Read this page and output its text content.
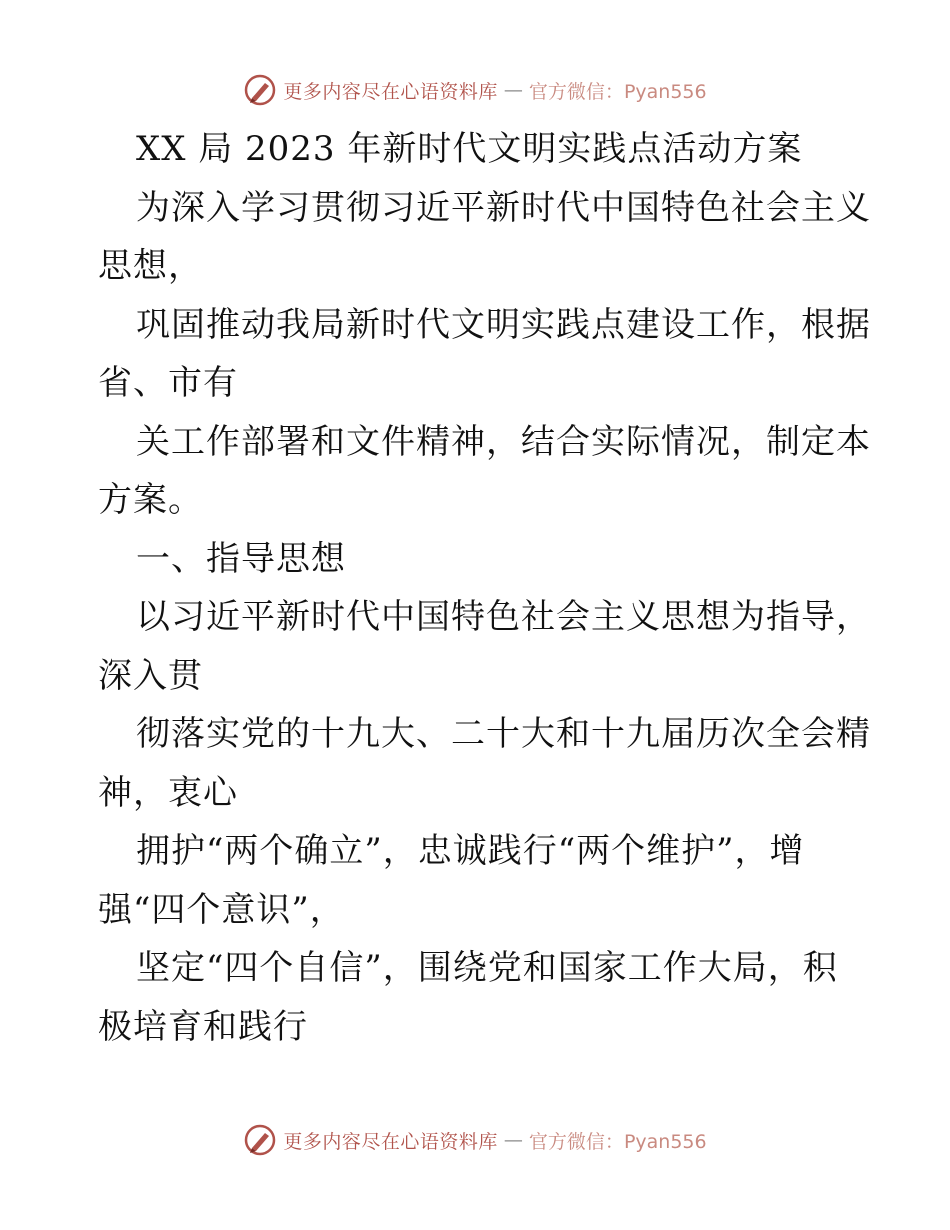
更多内容尽在心语资料库 — 官方微信：Pyan556
XX 局 2023 年新时代文明实践点活动方案
为深入学习贯彻习近平新时代中国特色社会主义
思想，
巩固推动我局新时代文明实践点建设工作，根据
省、市有
关工作部署和文件精神，结合实际情况，制定本
方案。
一、指导思想
以习近平新时代中国特色社会主义思想为指导，
深入贯
彻落实党的十九大、二十大和十九届历次全会精
神，衷心
拥护“两个确立”，忠诚践行“两个维护”，增
强“四个意识”，
坚定“四个自信”，围绕党和国家工作大局，积
极培育和践行
更多内容尽在心语资料库 — 官方微信：Pyan556
